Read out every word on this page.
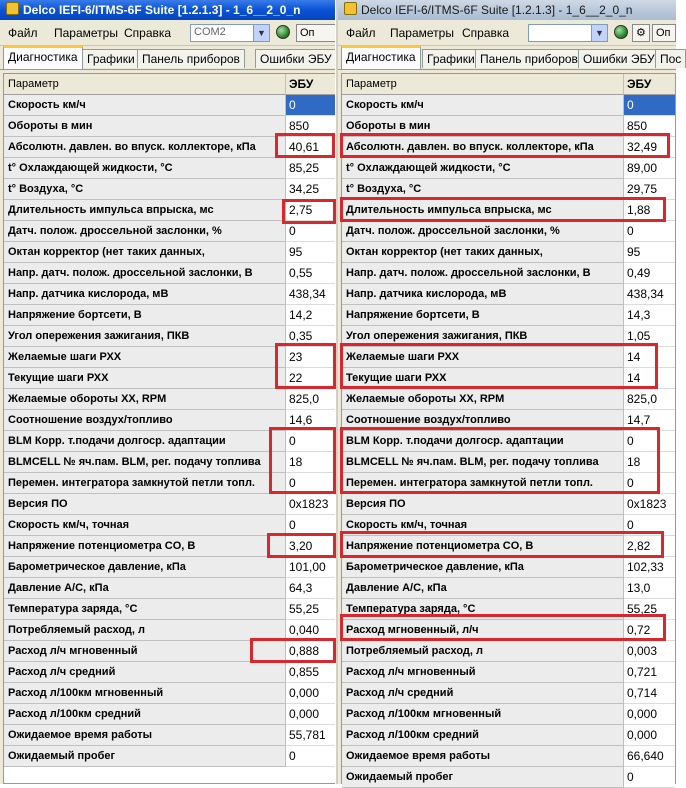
Delco IEFI-6/ITMS-6F Suite [1.2.1.3] - 1_6__2_0_n
Файл Параметры Справка COM2	▼	Оп
Диагностика Графики Панель приборов	Ошибки ЭБУ
Параметр	ЭБУ
Скорость км/ч	0
Обороты в мин	850
Абсолютн. давлен. во впуск. коллекторе, кПа	40,61
t° Охлаждающей жидкости, °C	85,25
t° Воздуха, °C	34,25
Длительность импульса впрыска, мс	2,75
Датч. полож. дроссельной заслонки, %	0
Октан корректор (нет таких данных,	95
Напр. датч. полож. дроссельной заслонки, В	0,55
Напр. датчика кислорода, мВ	438,34
Напряжение бортсети, В	14,2
Угол опережения зажигания, ПКВ	0,35
Желаемые шаги РХХ	23
Текущие шаги РХХ	22
Желаемые обороты XX, RPM	825,0
Соотношение воздух/топливо	14,6
BLM Корр. т.подачи долгоср. адаптации	0
BLMCELL № яч.пам. BLM, рег. подачу топлива	18
Перемен. интегратора замкнутой петли топл.	0
Версия ПО	0x1823
Скорость км/ч, точная	0
Напряжение потенциометра CO, В	3,20
Барометрическое давление, кПа	101,00
Давление A/C, кПа	64,3
Температура заряда, °C	55,25
Потребляемый расход, л	0,040
Расход л/ч мгновенный	0,888
Расход л/ч средний	0,855
Расход л/100км мгновенный	0,000
Расход л/100км средний	0,000
Ожидаемое время работы	55,781
Ожидаемый пробег	0
Delco IEFI-6/ITMS-6F Suite [1.2.1.3] - 1_6__2_0_n
Файл Параметры Справка	▼	⚙ Оп
Диагностика Графики Панель приборов Ошибки ЭБУ Пос
Параметр	ЭБУ
Скорость км/ч	0
Обороты в мин	850
Абсолютн. давлен. во впуск. коллекторе, кПа	32,49
t° Охлаждающей жидкости, °C	89,00
t° Воздуха, °C	29,75
Длительность импульса впрыска, мс	1,88
Датч. полож. дроссельной заслонки, %	0
Октан корректор (нет таких данных,	95
Напр. датч. полож. дроссельной заслонки, В	0,49
Напр. датчика кислорода, мВ	438,34
Напряжение бортсети, В	14,3
Угол опережения зажигания, ПКВ	1,05
Желаемые шаги РХХ	14
Текущие шаги РХХ	14
Желаемые обороты XX, RPM	825,0
Соотношение воздух/топливо	14,7
BLM Корр. т.подачи долгоср. адаптации	0
BLMCELL № яч.пам. BLM, рег. подачу топлива	18
Перемен. интегратора замкнутой петли топл.	0
Версия ПО	0x1823
Скорость км/ч, точная	0
Напряжение потенциометра CO, В	2,82
Барометрическое давление, кПа	102,33
Давление A/C, кПа	13,0
Температура заряда, °C	55,25
Расход мгновенный, л/ч	0,72
Потребляемый расход, л	0,003
Расход л/ч мгновенный	0,721
Расход л/ч средний	0,714
Расход л/100км мгновенный	0,000
Расход л/100км средний	0,000
Ожидаемое время работы	66,640
Ожидаемый пробег	0
